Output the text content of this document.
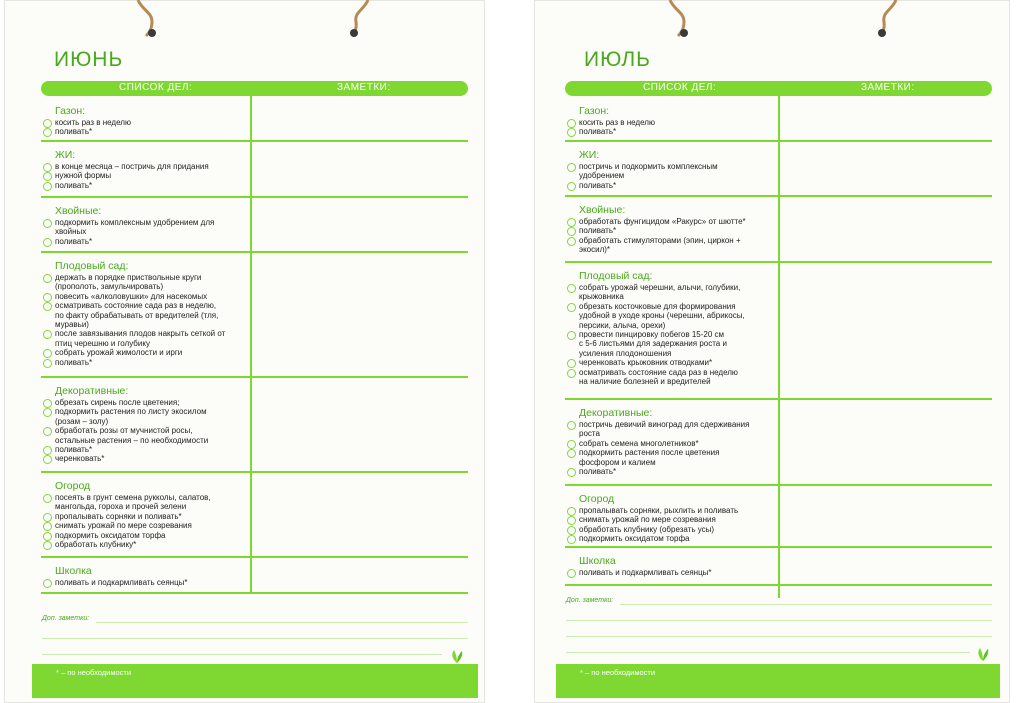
ИЮНЬ
СПИСОК ДЕЛ:	ЗАМЕТКИ:
Газон:
косить раз в неделю
поливать*
ЖИ:
в конце месяца – постричь для придания
нужной формы
поливать*
Хвойные:
подкормить комплексным удобрением для
хвойных
поливать*
Плодовый сад:
держать в порядке приствольные круги
(прополоть, замульчировать)
повесить «алколовушки» для насекомых
осматривать состояние сада раз в неделю,
по факту обрабатывать от вредителей (тля,
муравьи)
после завязывания плодов накрыть сеткой от
птиц черешню и голубику
собрать урожай жимолости и ирги
поливать*
Декоративные:
обрезать сирень после цветения;
подкормить растения по листу экосилом
(розам – золу)
обработать розы от мучнистой росы,
остальные растения – по необходимости
поливать*
черенковать*
Огород
посеять в грунт семена рукколы, салатов,
мангольда, гороха и прочей зелени
пропалывать сорняки и поливать*
снимать урожай по мере созревания
подкормить оксидатом торфа
обработать клубнику*
Школка
поливать и подкармливать сеянцы*
Доп. заметки:
* – по необходимости
ИЮЛЬ
СПИСОК ДЕЛ:	ЗАМЕТКИ:
Газон:
косить раз в неделю
поливать*
ЖИ:
постричь и подкормить комплексным
удобрением
поливать*
Хвойные:
обработать фунгицидом «Ракурс» от шютте*
поливать*
обработать стимуляторами (эпин, циркон +
экосил)*
Плодовый сад:
собрать урожай черешни, алычи, голубики,
крыжовника
обрезать косточковые для формирования
удобной в уходе кроны (черешни, абрикосы,
персики, алыча, орехи)
провести пинцировку побегов 15-20 см
с 5-6 листьями для задержания роста и
усиления плодоношения
черенковать крыжовник отводками*
осматривать состояние сада раз в неделю
на наличие болезней и вредителей
Декоративные:
постричь девичий виноград для сдерживания
роста
собрать семена многолетников*
подкормить растения после цветения
фосфором и калием
поливать*
Огород
пропалывать сорняки, рыхлить и поливать
снимать урожай по мере созревания
обработать клубнику (обрезать усы)
подкормить оксидатом торфа
Школка
поливать и подкармливать сеянцы*
Доп. заметки:
* – по необходимости
